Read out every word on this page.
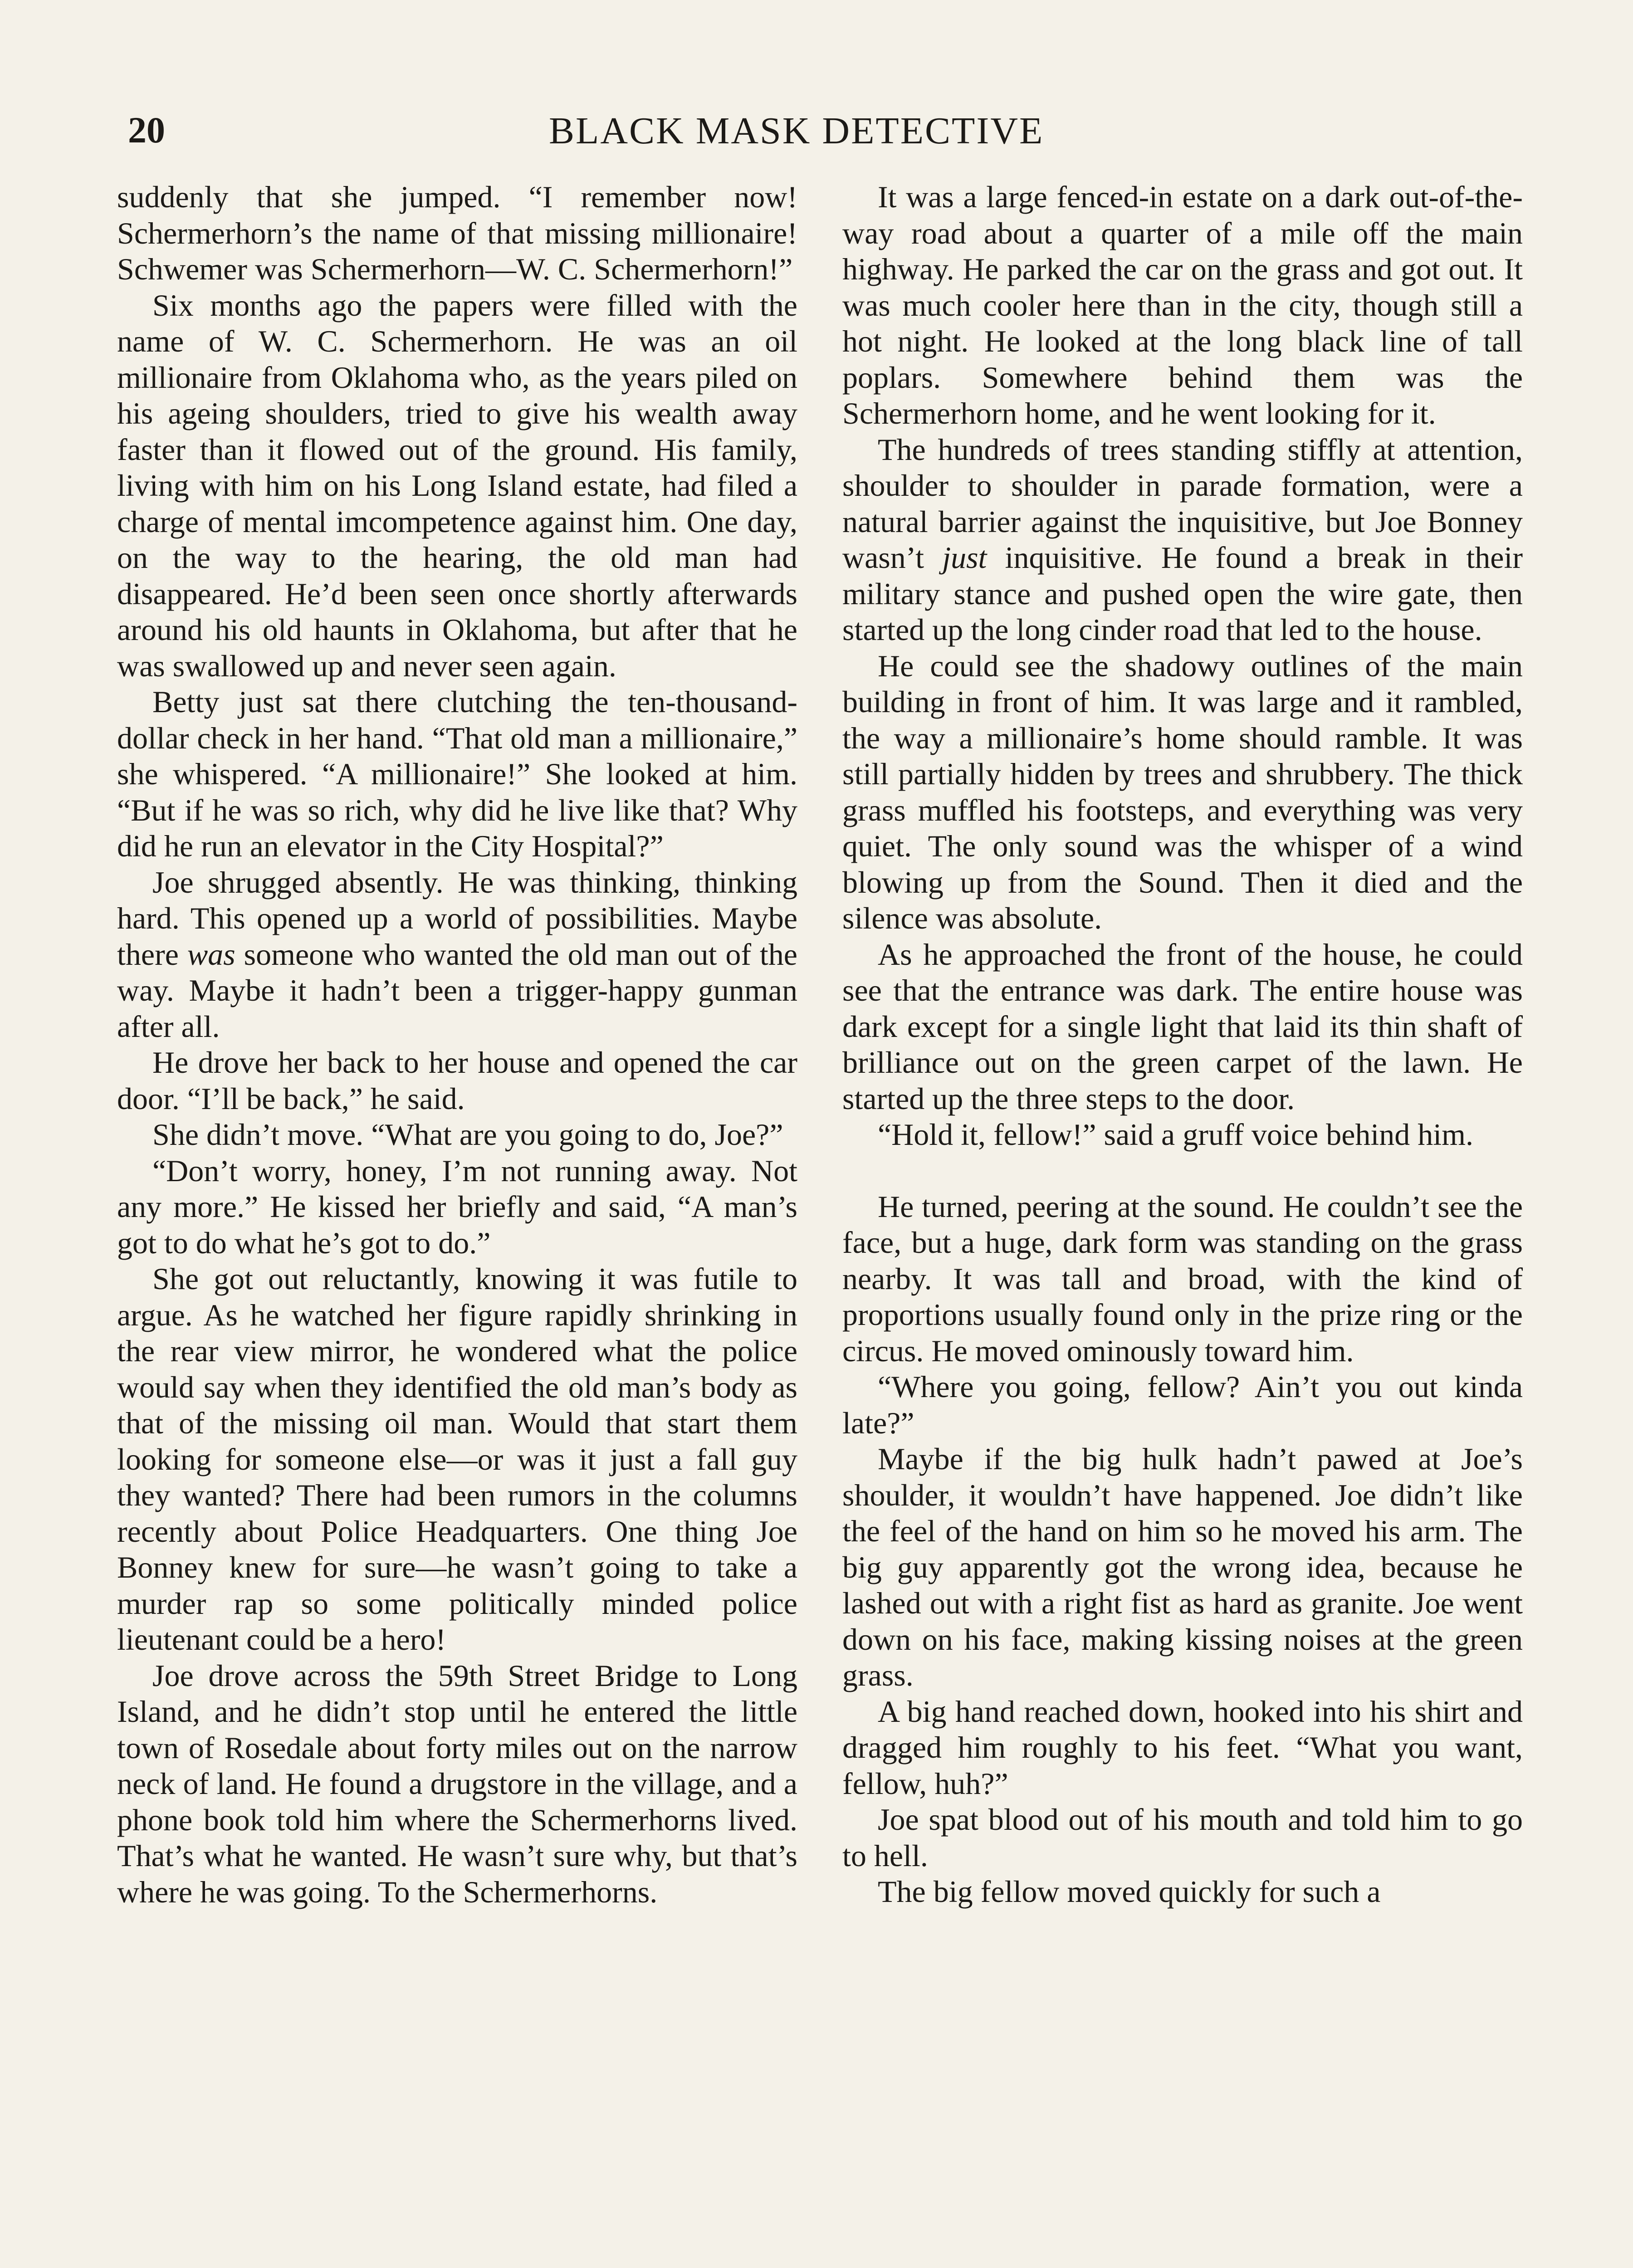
20	BLACK MASK DETECTIVE

suddenly that she jumped. “I remember now! Schermerhorn’s the name of that missing millionaire! Schwemer was Schermerhorn—W. C. Schermerhorn!”

Six months ago the papers were filled with the name of W. C. Schermerhorn. He was an oil millionaire from Oklahoma who, as the years piled on his ageing shoulders, tried to give his wealth away faster than it flowed out of the ground. His family, living with him on his Long Island estate, had filed a charge of mental imcompetence against him. One day, on the way to the hearing, the old man had disappeared. He’d been seen once shortly afterwards around his old haunts in Oklahoma, but after that he was swallowed up and never seen again.

Betty just sat there clutching the ten-thousand-dollar check in her hand. “That old man a millionaire,” she whispered. “A millionaire!” She looked at him. “But if he was so rich, why did he live like that? Why did he run an elevator in the City Hospital?”

Joe shrugged absently. He was thinking, thinking hard. This opened up a world of possibilities. Maybe there was someone who wanted the old man out of the way. Maybe it hadn’t been a trigger-happy gunman after all.

He drove her back to her house and opened the car door. “I’ll be back,” he said.

She didn’t move. “What are you going to do, Joe?”

“Don’t worry, honey, I’m not running away. Not any more.” He kissed her briefly and said, “A man’s got to do what he’s got to do.”

She got out reluctantly, knowing it was futile to argue. As he watched her figure rapidly shrinking in the rear view mirror, he wondered what the police would say when they identified the old man’s body as that of the missing oil man. Would that start them looking for someone else—or was it just a fall guy they wanted? There had been rumors in the columns recently about Police Headquarters. One thing Joe Bonney knew for sure—he wasn’t going to take a murder rap so some politically minded police lieutenant could be a hero!

Joe drove across the 59th Street Bridge to Long Island, and he didn’t stop until he entered the little town of Rosedale about forty miles out on the narrow neck of land. He found a drugstore in the village, and a phone book told him where the Schermerhorns lived. That’s what he wanted. He wasn’t sure why, but that’s where he was going. To the Schermerhorns.

It was a large fenced-in estate on a dark out-of-the-way road about a quarter of a mile off the main highway. He parked the car on the grass and got out. It was much cooler here than in the city, though still a hot night. He looked at the long black line of tall poplars. Somewhere behind them was the Schermerhorn home, and he went looking for it.

The hundreds of trees standing stiffly at attention, shoulder to shoulder in parade formation, were a natural barrier against the inquisitive, but Joe Bonney wasn’t just inquisitive. He found a break in their military stance and pushed open the wire gate, then started up the long cinder road that led to the house.

He could see the shadowy outlines of the main building in front of him. It was large and it rambled, the way a millionaire’s home should ramble. It was still partially hidden by trees and shrubbery. The thick grass muffled his footsteps, and everything was very quiet. The only sound was the whisper of a wind blowing up from the Sound. Then it died and the silence was absolute.

As he approached the front of the house, he could see that the entrance was dark. The entire house was dark except for a single light that laid its thin shaft of brilliance out on the green carpet of the lawn. He started up the three steps to the door.

“Hold it, fellow!” said a gruff voice behind him.

He turned, peering at the sound. He couldn’t see the face, but a huge, dark form was standing on the grass nearby. It was tall and broad, with the kind of proportions usually found only in the prize ring or the circus. He moved ominously toward him.

“Where you going, fellow? Ain’t you out kinda late?”

Maybe if the big hulk hadn’t pawed at Joe’s shoulder, it wouldn’t have happened. Joe didn’t like the feel of the hand on him so he moved his arm. The big guy apparently got the wrong idea, because he lashed out with a right fist as hard as granite. Joe went down on his face, making kissing noises at the green grass.

A big hand reached down, hooked into his shirt and dragged him roughly to his feet. “What you want, fellow, huh?”

Joe spat blood out of his mouth and told him to go to hell.

The big fellow moved quickly for such a
